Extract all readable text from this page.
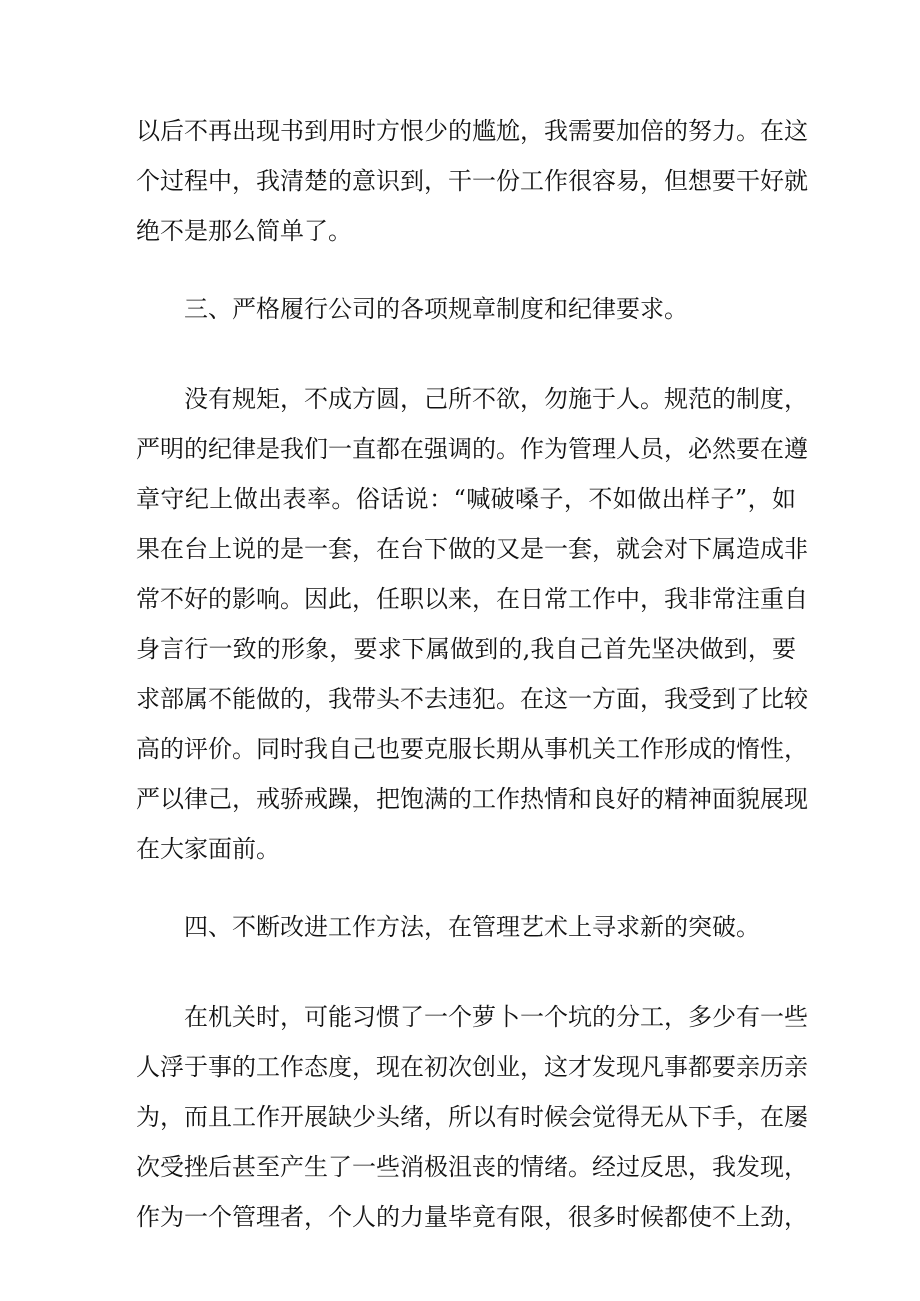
以后不再出现书到用时方恨少的尴尬，我需要加倍的努力。在这
个过程中，我清楚的意识到，干一份工作很容易，但想要干好就
绝不是那么简单了。
三、严格履行公司的各项规章制度和纪律要求。
没有规矩，不成方圆，己所不欲，勿施于人。规范的制度，
严明的纪律是我们一直都在强调的。作为管理人员，必然要在遵
章守纪上做出表率。俗话说：“喊破嗓子，不如做出样子”，如
果在台上说的是一套，在台下做的又是一套，就会对下属造成非
常不好的影响。因此，任职以来，在日常工作中，我非常注重自
身言行一致的形象，要求下属做到的,我自己首先坚决做到，要
求部属不能做的，我带头不去违犯。在这一方面，我受到了比较
高的评价。同时我自己也要克服长期从事机关工作形成的惰性，
严以律己，戒骄戒躁，把饱满的工作热情和良好的精神面貌展现
在大家面前。
四、不断改进工作方法，在管理艺术上寻求新的突破。
在机关时，可能习惯了一个萝卜一个坑的分工，多少有一些
人浮于事的工作态度，现在初次创业，这才发现凡事都要亲历亲
为，而且工作开展缺少头绪，所以有时候会觉得无从下手，在屡
次受挫后甚至产生了一些消极沮丧的情绪。经过反思，我发现，
作为一个管理者，个人的力量毕竟有限，很多时候都使不上劲，
